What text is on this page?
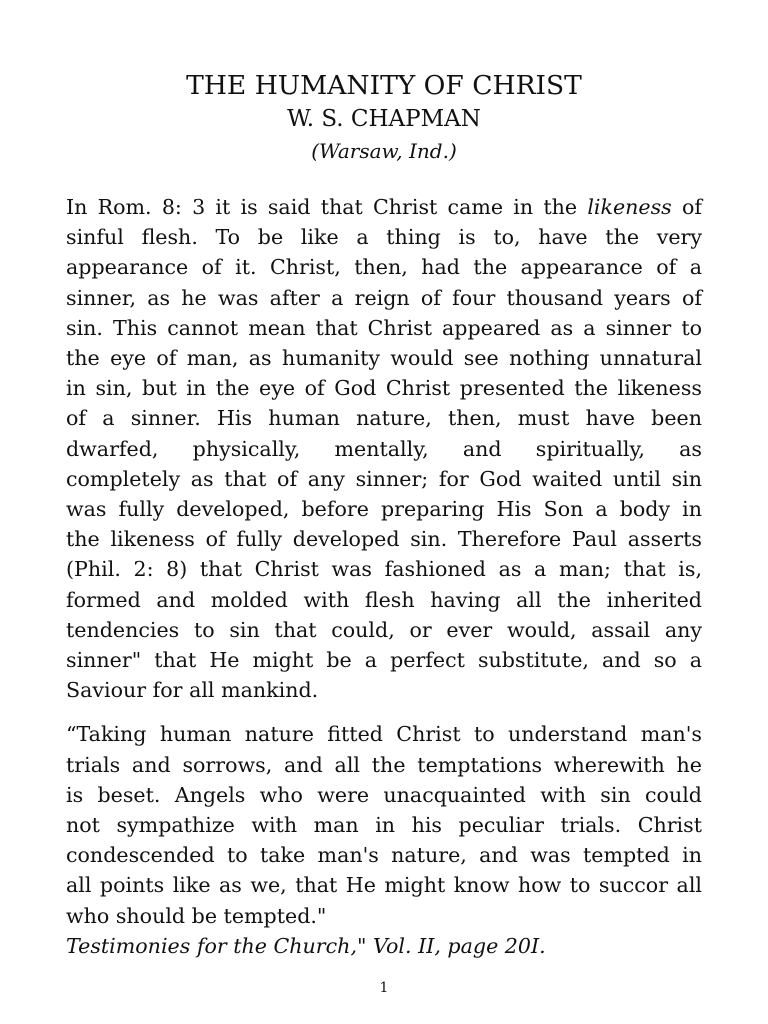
THE HUMANITY OF CHRIST

W. S. CHAPMAN

(Warsaw, Ind.)

In Rom. 8: 3 it is said that Christ came in the likeness of
sinful flesh. To be like a thing is to, have the very
appearance of it. Christ, then, had the appearance of a
sinner, as he was after a reign of four thousand years of
sin. This cannot mean that Christ appeared as a sinner to
the eye of man, as humanity would see nothing unnatural
in sin, but in the eye of God Christ presented the likeness
of a sinner. His human nature, then, must have been
dwarfed, physically, mentally, and spiritually, as
completely as that of any sinner; for God waited until sin
was fully developed, before preparing His Son a body in
the likeness of fully developed sin. Therefore Paul asserts
(Phil. 2: 8) that Christ was fashioned as a man; that is,
formed and molded with flesh having all the inherited
tendencies to sin that could, or ever would, assail any
sinner" that He might be a perfect substitute, and so a
Saviour for all mankind.
“Taking human nature fitted Christ to understand man's
trials and sorrows, and all the temptations wherewith he
is beset. Angels who were unacquainted with sin could
not sympathize with man in his peculiar trials. Christ
condescended to take man's nature, and was tempted in
all points like as we, that He might know how to succor all
who should be tempted."

Testimonies for the Church," Vol. II, page 20I.

1
